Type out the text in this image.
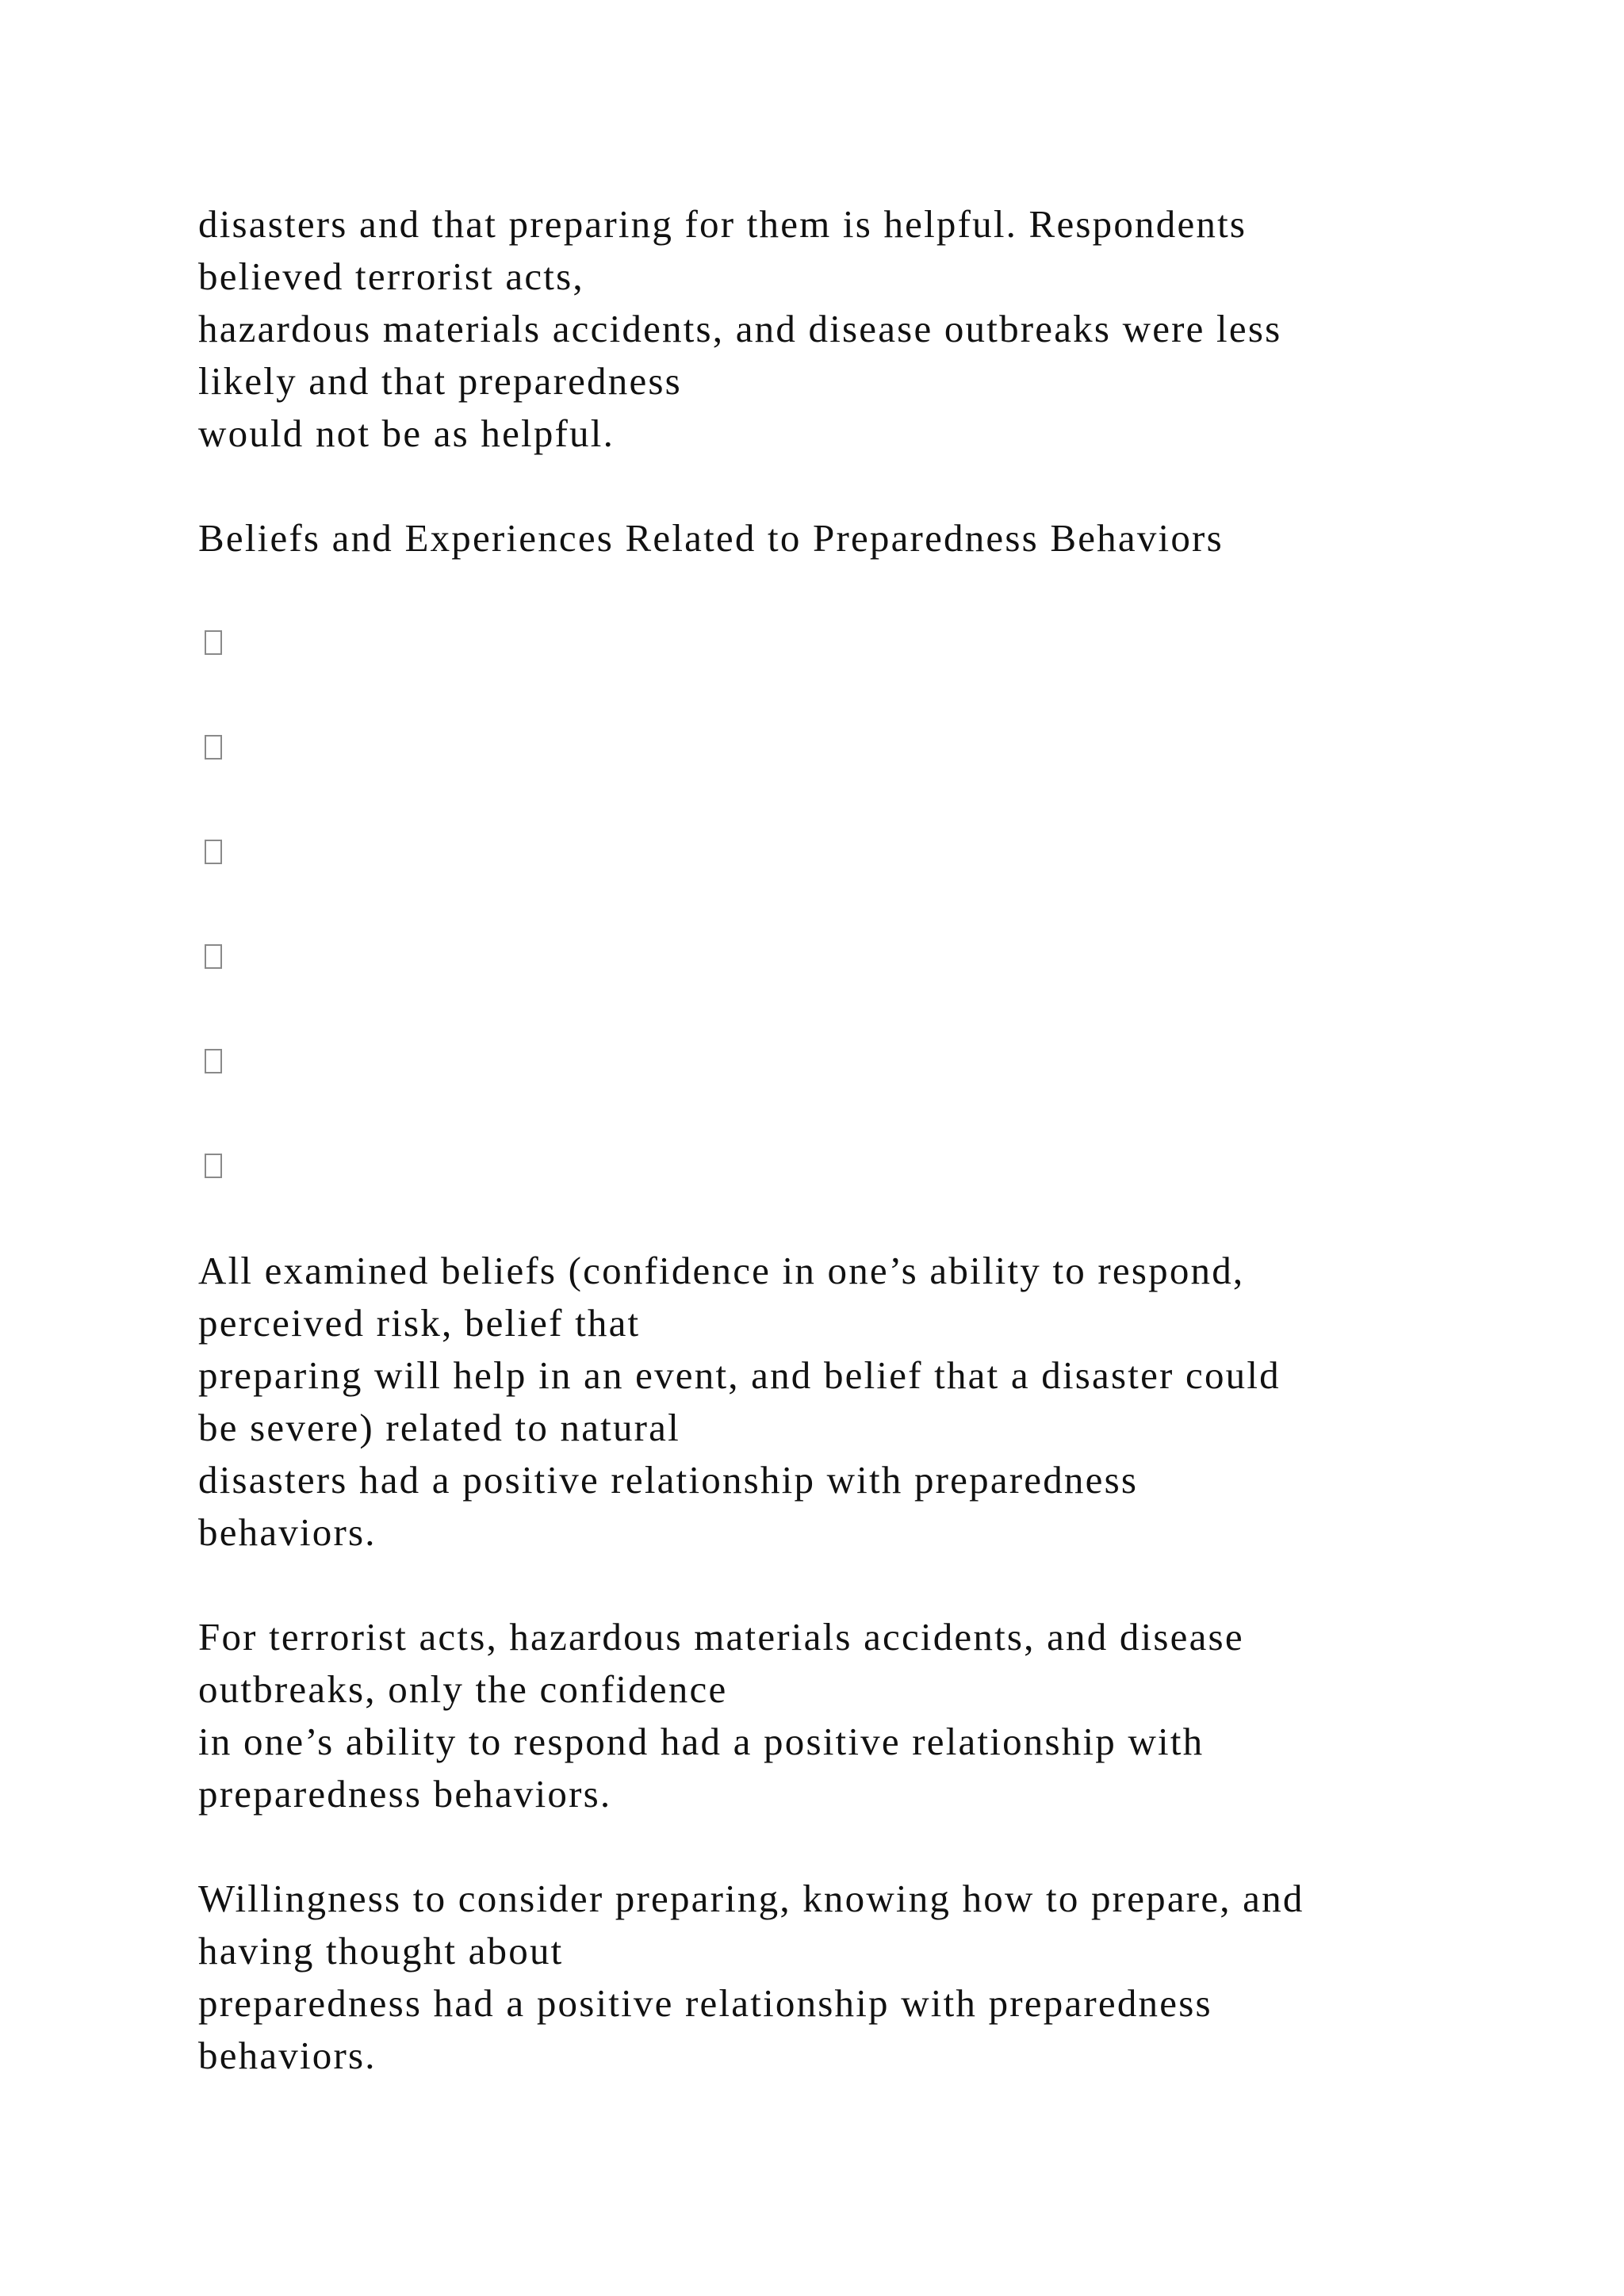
disasters and that preparing for them is helpful. Respondents
believed terrorist acts,
hazardous materials accidents, and disease outbreaks were less
likely and that preparedness
would not be as helpful.
Beliefs and Experiences Related to Preparedness Behaviors
All examined beliefs (confidence in one’s ability to respond,
perceived risk, belief that
preparing will help in an event, and belief that a disaster could
be severe) related to natural
disasters had a positive relationship with preparedness
behaviors.
For terrorist acts, hazardous materials accidents, and disease
outbreaks, only the confidence
in one’s ability to respond had a positive relationship with
preparedness behaviors.
Willingness to consider preparing, knowing how to prepare, and
having thought about
preparedness had a positive relationship with preparedness
behaviors.
